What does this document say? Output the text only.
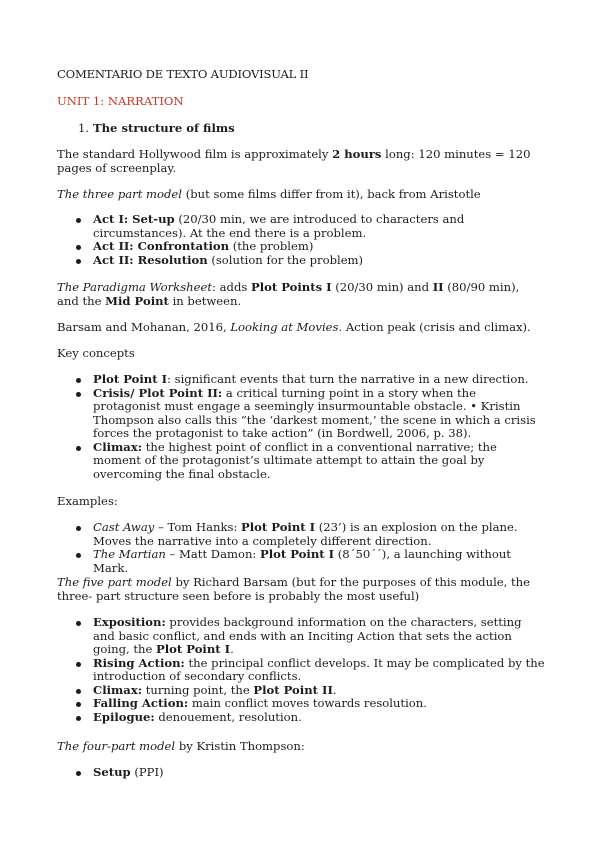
COMENTARIO DE TEXTO AUDIOVISUAL II

UNIT 1: NARRATION

1. The structure of films

The standard Hollywood film is approximately 2 hours long: 120 minutes = 120 pages of screenplay.

The three part model (but some films differ from it), back from Aristotle

Act I: Set-up (20/30 min, we are introduced to characters and circumstances). At the end there is a problem.
Act II: Confrontation (the problem)
Act II: Resolution (solution for the problem)

The Paradigma Worksheet: adds Plot Points I (20/30 min) and II (80/90 min), and the Mid Point in between.

Barsam and Mohanan, 2016, Looking at Movies. Action peak (crisis and climax).

Key concepts

Plot Point I: significant events that turn the narrative in a new direction.
Crisis/ Plot Point II: a critical turning point in a story when the protagonist must engage a seemingly insurmountable obstacle. • Kristin Thompson also calls this “the ‘darkest moment,’ the scene in which a crisis forces the protagonist to take action” (in Bordwell, 2006, p. 38).
Climax: the highest point of conflict in a conventional narrative; the moment of the protagonist’s ultimate attempt to attain the goal by overcoming the final obstacle.

Examples:

Cast Away – Tom Hanks: Plot Point I (23’) is an explosion on the plane. Moves the narrative into a completely different direction.
The Martian – Matt Damon: Plot Point I (8´50´´), a launching without Mark.

The five part model by Richard Barsam (but for the purposes of this module, the three- part structure seen before is probably the most useful)

Exposition: provides background information on the characters, setting and basic conflict, and ends with an Inciting Action that sets the action going, the Plot Point I.
Rising Action: the principal conflict develops. It may be complicated by the introduction of secondary conflicts.
Climax: turning point, the Plot Point II.
Falling Action: main conflict moves towards resolution.
Epilogue: denouement, resolution.

The four-part model by Kristin Thompson:

Setup (PPI)
